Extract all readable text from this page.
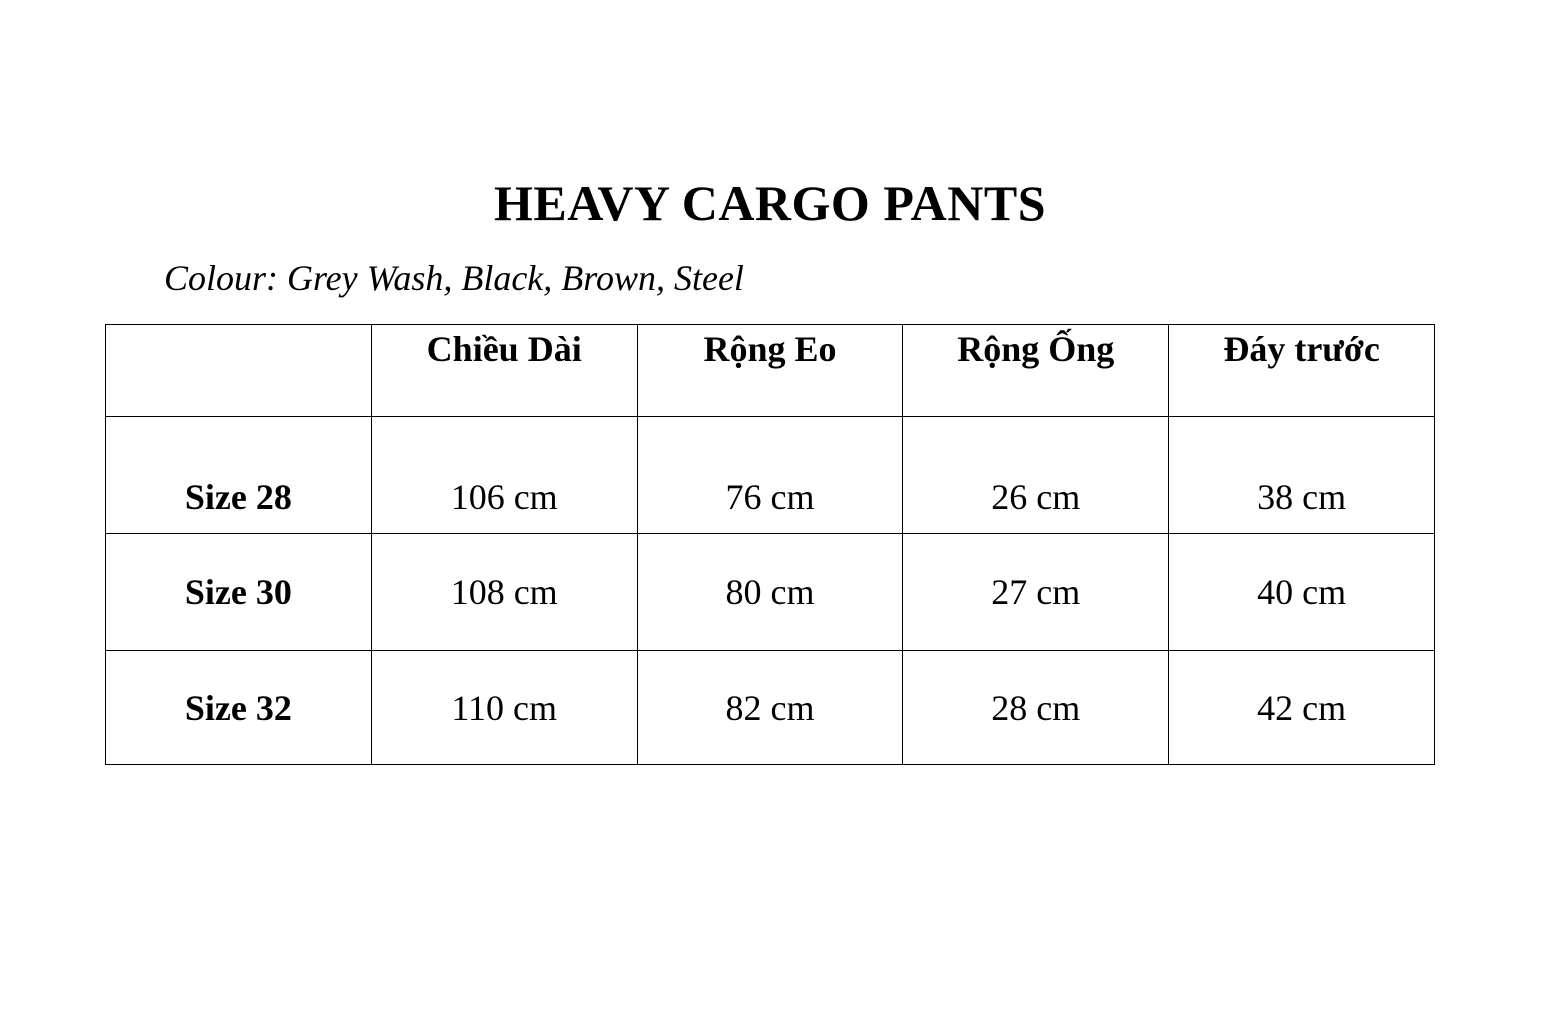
HEAVY CARGO PANTS

Colour: Grey Wash, Black, Brown, Steel

	Chiều Dài	Rộng Eo	Rộng Ống	Đáy trước
Size 28	106 cm	76 cm	26 cm	38 cm
Size 30	108 cm	80 cm	27 cm	40 cm
Size 32	110 cm	82 cm	28 cm	42 cm
